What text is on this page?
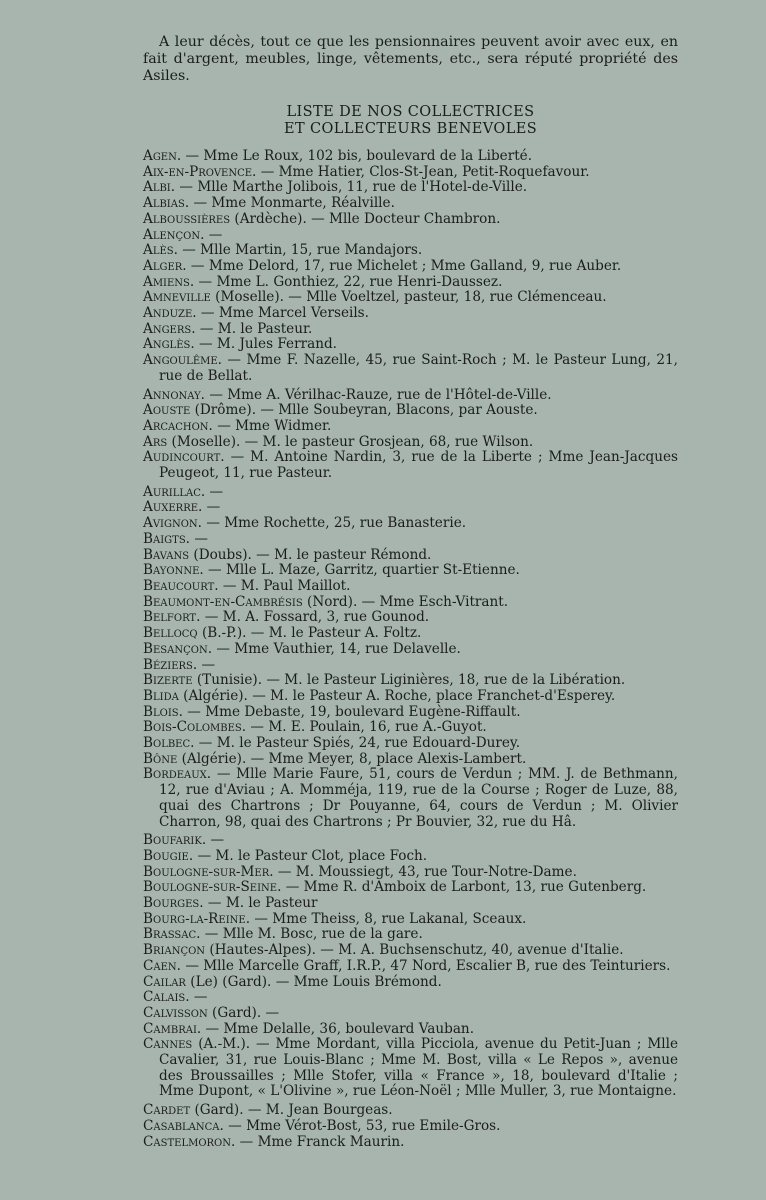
A leur décès, tout ce que les pensionnaires peuvent avoir avec eux, en fait d'argent, meubles, linge, vêtements, etc., sera réputé propriété des Asiles.

LISTE DE NOS COLLECTRICES
ET COLLECTEURS BENEVOLES
Agen. — Mme Le Roux, 102 bis, boulevard de la Liberté.
Aix-en-Provence. — Mme Hatier, Clos-St-Jean, Petit-Roquefavour.
Albi. — Mlle Marthe Jolibois, 11, rue de l'Hotel-de-Ville.
Albias. — Mme Monmarte, Réalville.
Alboussières (Ardèche). — Mlle Docteur Chambron.
Alençon. —
Alès. — Mlle Martin, 15, rue Mandajors.
Alger. — Mme Delord, 17, rue Michelet ; Mme Galland, 9, rue Auber.
Amiens. — Mme L. Gonthiez, 22, rue Henri-Daussez.
Amneville (Moselle). — Mlle Voeltzel, pasteur, 18, rue Clémenceau.
Anduze. — Mme Marcel Verseils.
Angers. — M. le Pasteur.
Anglès. — M. Jules Ferrand.
Angoulême. — Mme F. Nazelle, 45, rue Saint-Roch ; M. le Pasteur Lung, 21, rue de Bellat.
Annonay. — Mme A. Vérilhac-Rauze, rue de l'Hôtel-de-Ville.
Aouste (Drôme). — Mlle Soubeyran, Blacons, par Aouste.
Arcachon. — Mme Widmer.
Ars (Moselle). — M. le pasteur Grosjean, 68, rue Wilson.
Audincourt. — M. Antoine Nardin, 3, rue de la Liberte ; Mme Jean-Jacques Peugeot, 11, rue Pasteur.
Aurillac. —
Auxerre. —
Avignon. — Mme Rochette, 25, rue Banasterie.
Baigts. —
Bavans (Doubs). — M. le pasteur Rémond.
Bayonne. — Mlle L. Maze, Garritz, quartier St-Etienne.
Beaucourt. — M. Paul Maillot.
Beaumont-en-Cambrésis (Nord). — Mme Esch-Vitrant.
Belfort. — M. A. Fossard, 3, rue Gounod.
Bellocq (B.-P.). — M. le Pasteur A. Foltz.
Besançon. — Mme Vauthier, 14, rue Delavelle.
Béziers. —
Bizerte (Tunisie). — M. le Pasteur Liginières, 18, rue de la Libération.
Blida (Algérie). — M. le Pasteur A. Roche, place Franchet-d'Esperey.
Blois. — Mme Debaste, 19, boulevard Eugène-Riffault.
Bois-Colombes. — M. E. Poulain, 16, rue A.-Guyot.
Bolbec. — M. le Pasteur Spiés, 24, rue Edouard-Durey.
Bône (Algérie). — Mme Meyer, 8, place Alexis-Lambert.
Bordeaux. — Mlle Marie Faure, 51, cours de Verdun ; MM. J. de Bethmann, 12, rue d'Aviau ; A. Momméja, 119, rue de la Course ; Roger de Luze, 88, quai des Chartrons ; Dr Pouyanne, 64, cours de Verdun ; M. Olivier Charron, 98, quai des Chartrons ; Pr Bouvier, 32, rue du Hâ.
Boufarik. —
Bougie. — M. le Pasteur Clot, place Foch.
Boulogne-sur-Mer. — M. Moussiegt, 43, rue Tour-Notre-Dame.
Boulogne-sur-Seine. — Mme R. d'Amboix de Larbont, 13, rue Gutenberg.
Bourges. — M. le Pasteur
Bourg-la-Reine. — Mme Theiss, 8, rue Lakanal, Sceaux.
Brassac. — Mlle M. Bosc, rue de la gare.
Briançon (Hautes-Alpes). — M. A. Buchsenschutz, 40, avenue d'Italie.
Caen. — Mlle Marcelle Graff, I.R.P., 47 Nord, Escalier B, rue des Teinturiers.
Cailar (Le) (Gard). — Mme Louis Brémond.
Calais. —
Calvisson (Gard). —
Cambrai. — Mme Delalle, 36, boulevard Vauban.
Cannes (A.-M.). — Mme Mordant, villa Picciola, avenue du Petit-Juan ; Mlle Cavalier, 31, rue Louis-Blanc ; Mme M. Bost, villa « Le Repos », avenue des Broussailles ; Mlle Stofer, villa « France », 18, boulevard d'Italie ; Mme Dupont, « L'Olivine », rue Léon-Noël ; Mlle Muller, 3, rue Montaigne.
Cardet (Gard). — M. Jean Bourgeas.
Casablanca. — Mme Vérot-Bost, 53, rue Emile-Gros.
Castelmoron. — Mme Franck Maurin.
